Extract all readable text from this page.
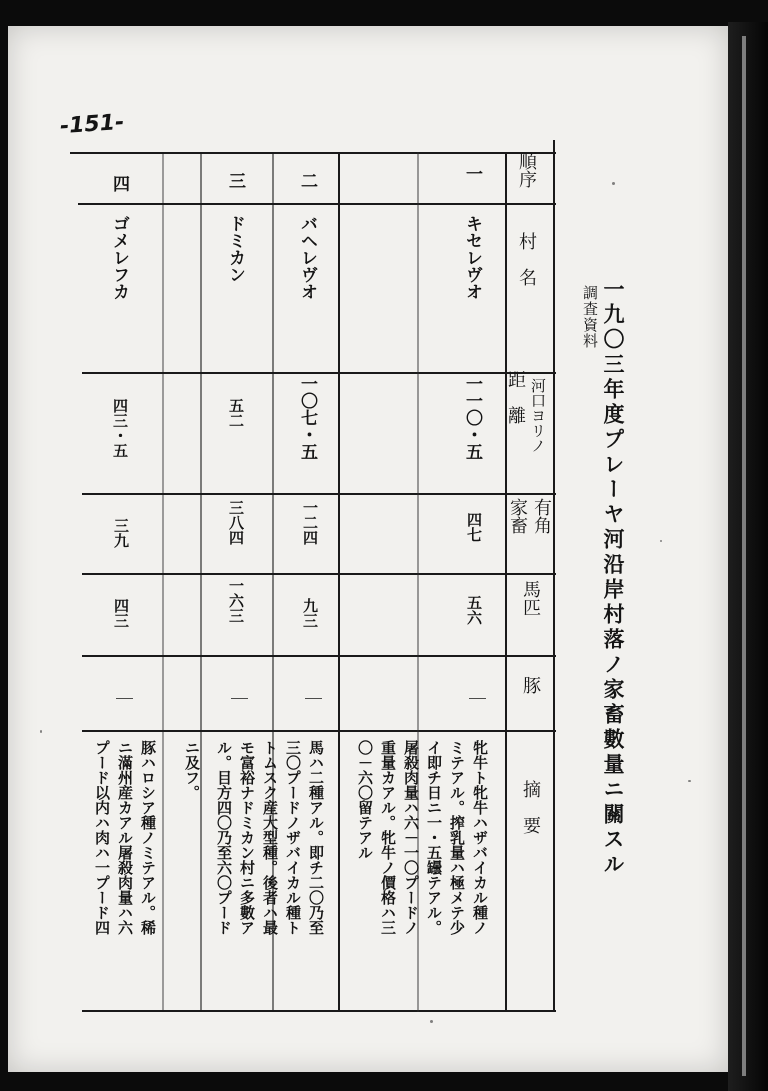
-151-
一九〇三年度プレーヤ河沿岸村落ノ家畜數量ニ關スル
調査資料
順序
村　名
河口ヨリノ
距　離
有角
家畜
馬匹
豚
摘　要
一
キセレヴオ
一一〇・五
四七
五六
｜
牝牛ト牝牛ハザバイカル種ノ
ミテアル。搾乳量ハ極メテ少
イ即チ日ニ一・五罎テアル。
屠殺肉量ハ六－一〇プードノ
重量カアル。牝牛ノ價格ハ三
〇－六〇留テアル
二
バヘレヴオ
一〇七・五
一二四
九三
｜
馬ハ二種アル。即チ二〇乃至
三〇プードノザバイカル種ト
トムスク産大型種。後者ハ最
モ富裕ナドミカン村ニ多數ア
ル。目方四〇乃至六〇プード
ニ及フ。
三
ドミカン
五二
三八四
一六三
｜
四
ゴメレフカ
四三・五
三九
四三
｜
豚ハロシア種ノミテアル。稀
ニ滿州産カアル屠殺肉量ハ六
プード以内ハ肉ハ一プード四
